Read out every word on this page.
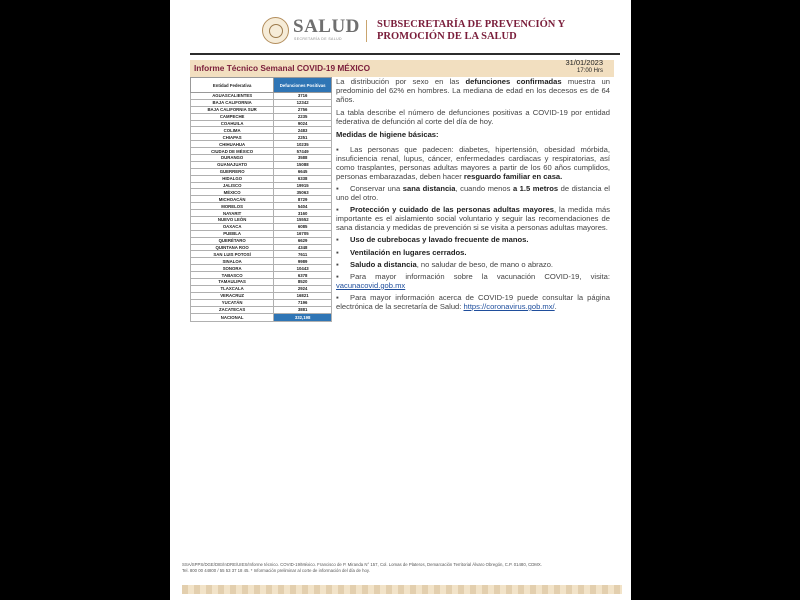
SALUD
SECRETARÍA DE SALUD
SUBSECRETARÍA DE PREVENCIÓN Y PROMOCIÓN DE LA SALUD
Informe Técnico Semanal COVID-19 MÉXICO
31/01/2023
17:00 Hrs
Entidad Federativa	Defunciones Positivas
AGUASCALIENTES	3716
BAJA CALIFORNIA	12342
BAJA CALIFORNIA SUR	2756
CAMPECHE	2235
COAHUILA	9024
COLIMA	2483
CHIAPAS	2251
CHIHUAHUA	10235
CIUDAD DE MÉXICO	57449
DURANGO	3588
GUANAJUATO	15088
GUERRERO	6645
HIDALGO	6338
JALISCO	19915
MÉXICO	35063
MICHOACÁN	8729
MORELOS	5404
NAYARIT	3160
NUEVO LEÓN	15552
OAXACA	6085
PUEBLA	16705
QUERÉTARO	6629
QUINTANA ROO	4348
SAN LUIS POTOSÍ	7611
SINALOA	9989
SONORA	10443
TABASCO	6378
TAMAULIPAS	8520
TLAXCALA	2924
VERACRUZ	16821
YUCATÁN	7196
ZACATECAS	3881
NACIONAL	332,198

La distribución por sexo en las defunciones confirmadas muestra un predominio del 62% en hombres. La mediana de edad en los decesos es de 64 años.

La tabla describe el número de defunciones positivas a COVID-19 por entidad federativa de defunción al corte del día de hoy.

Medidas de higiene básicas:

▪ Las personas que padecen: diabetes, hipertensión, obesidad mórbida, insuficiencia renal, lupus, cáncer, enfermedades cardiacas y respiratorias, así como trasplantes, personas adultas mayores a partir de los 60 años cumplidos, personas embarazadas, deben hacer resguardo familiar en casa.

▪ Conservar una sana distancia, cuando menos a 1.5 metros de distancia el uno del otro.

▪ Protección y cuidado de las personas adultas mayores, la medida más importante es el aislamiento social voluntario y seguir las recomendaciones de sana distancia y medidas de prevención si se visita a personas adultas mayores.

▪ Uso de cubrebocas y lavado frecuente de manos.

▪ Ventilación en lugares cerrados.

▪ Saludo a distancia, no saludar de beso, de mano o abrazo.

▪ Para mayor información sobre la vacunación COVID-19, visita: vacunacovid.gob.mx

▪ Para mayor información acerca de COVID-19 puede consultar la página electrónica de la secretaría de Salud: https://coronavirus.gob.mx/.

SSA/SPPS/DGE/DIE/InDRE/UIES/Informe técnico. COVID-19/México. Francisco de P. Miranda N° 157, Col. Lomas de Plateros, Demarcación Territorial Álvaro Obregón, C.P. 01480, CDMX.
Tel. 800 00 44800 / 55 53 37 18 45. * Información preliminar al corte de información del día de hoy.
